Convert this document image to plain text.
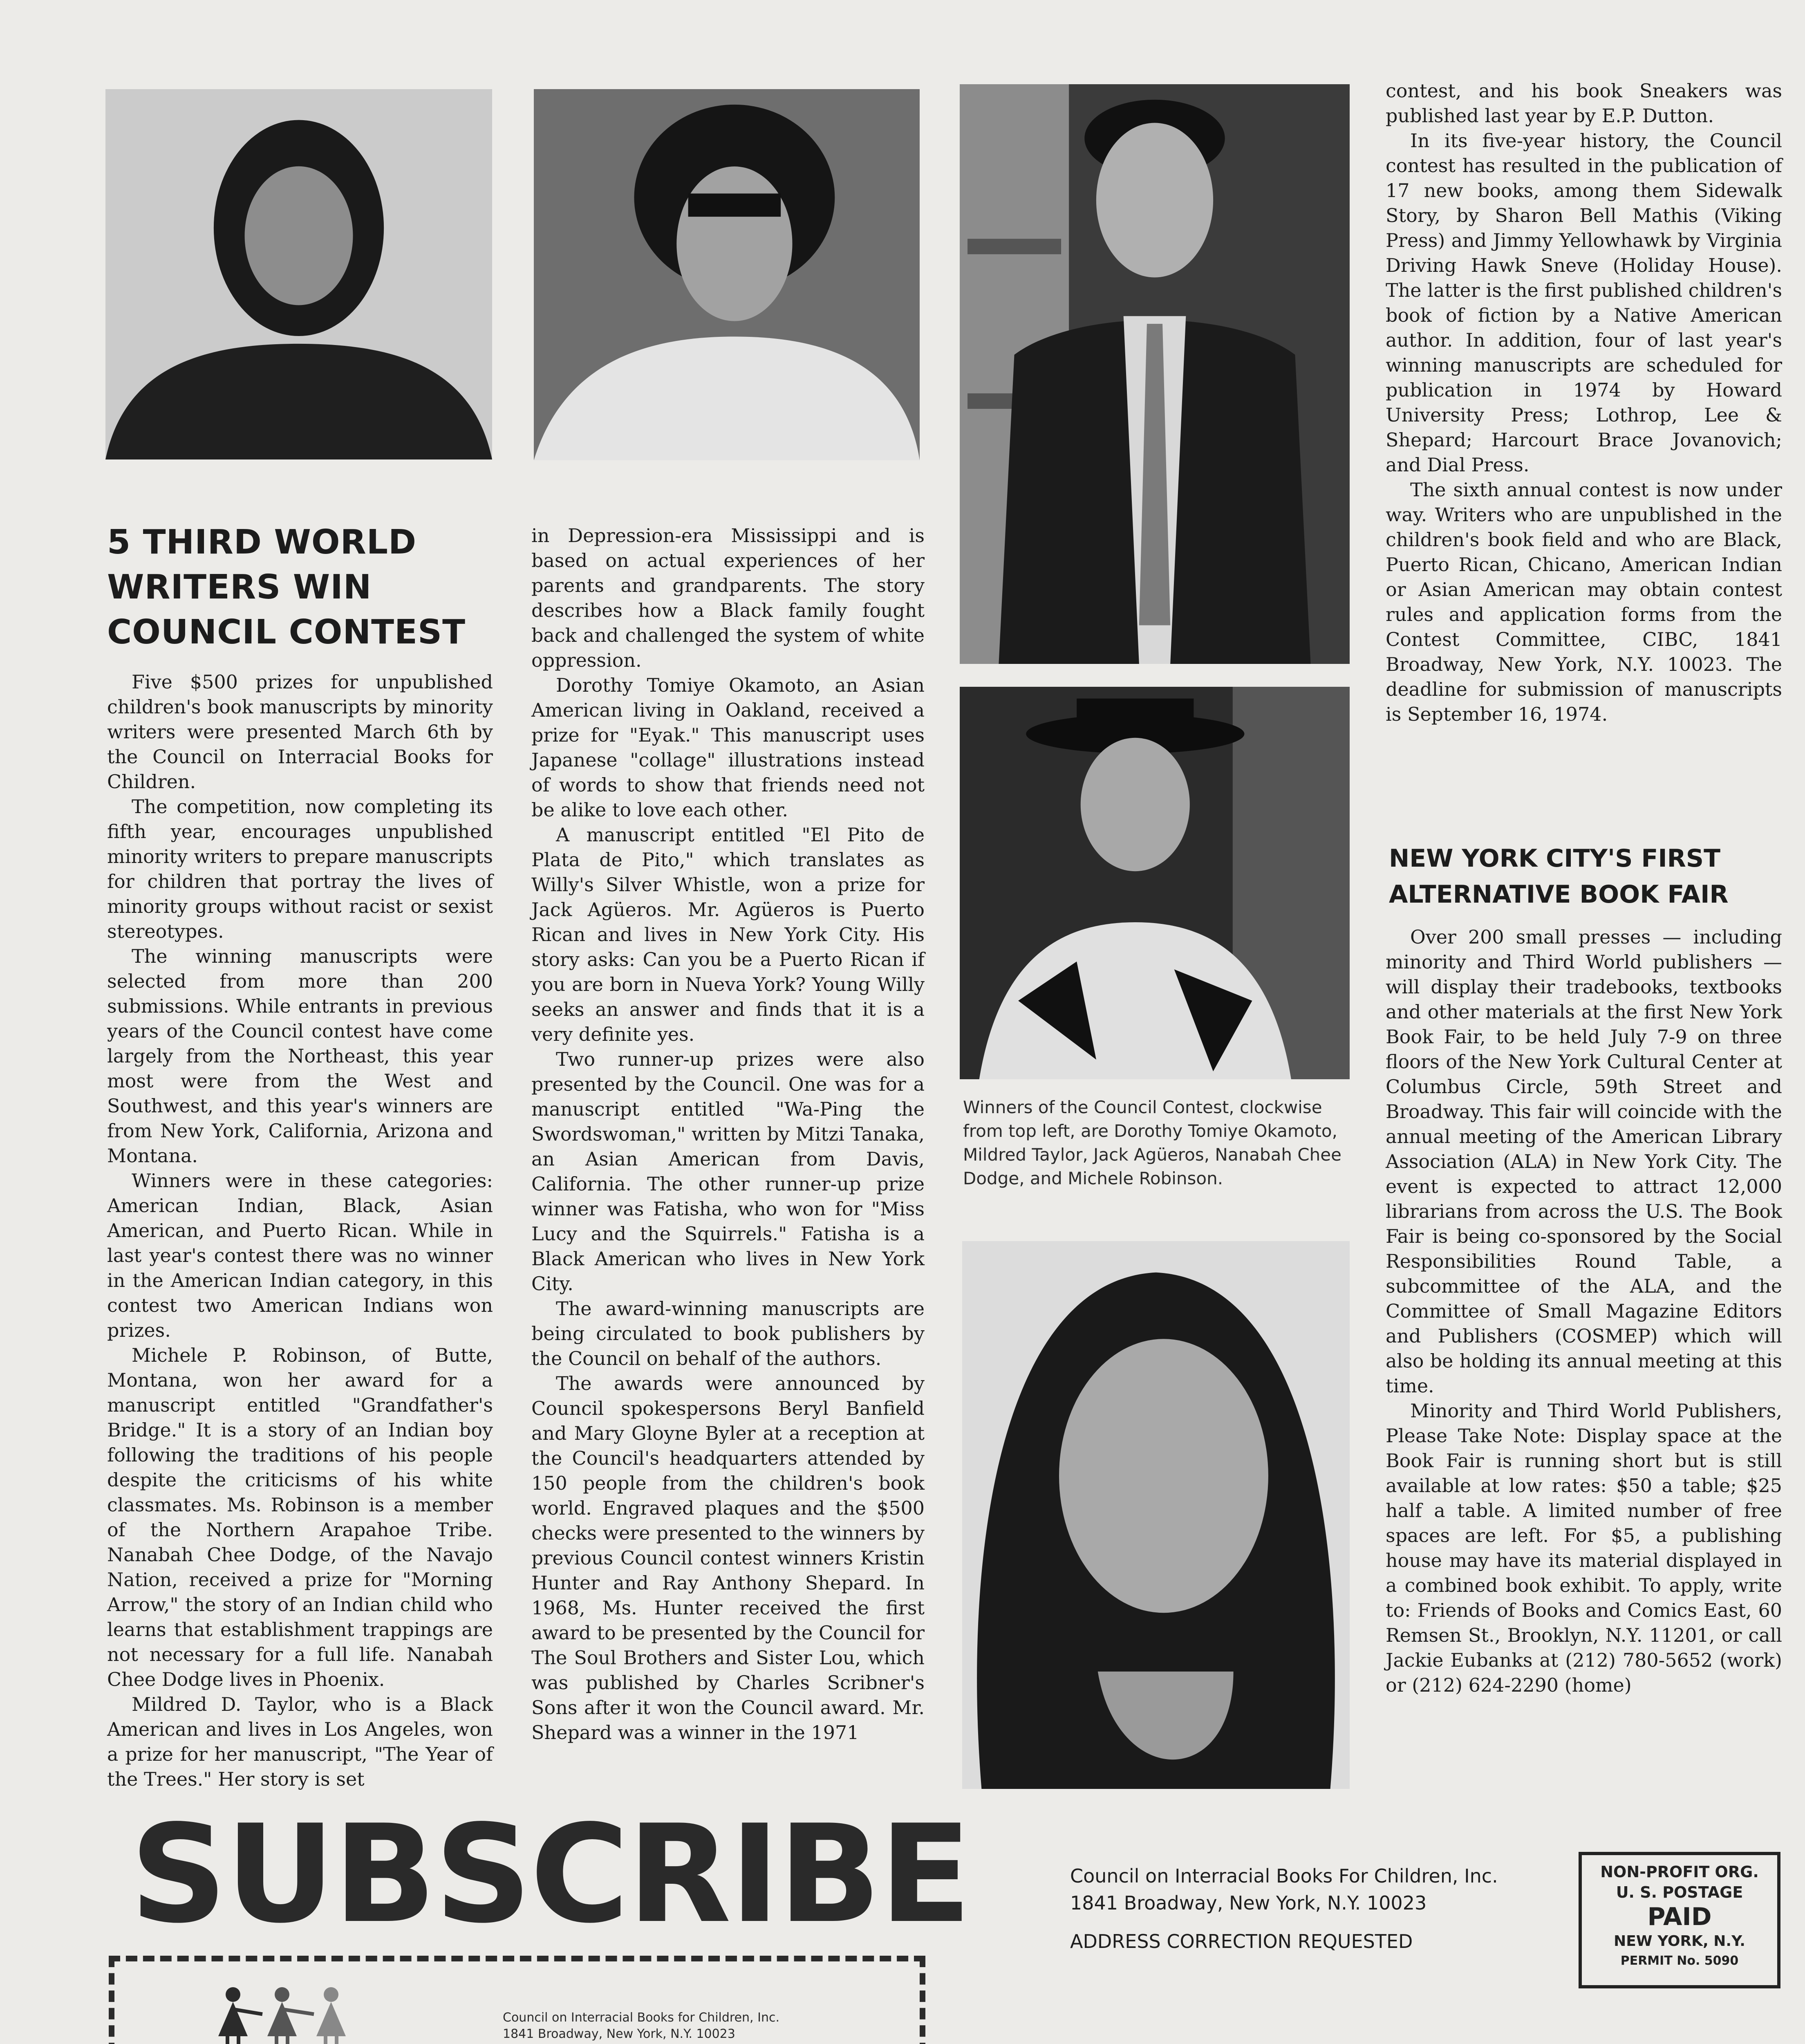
5 THIRD WORLD
WRITERS WIN
COUNCIL CONTEST

Five $500 prizes for unpublished children's book manuscripts by minority writers were presented March 6th by the Council on Interracial Books for Children.

The competition, now completing its fifth year, encourages unpublished minority writers to prepare manuscripts for children that portray the lives of minority groups without racist or sexist stereotypes.

The winning manuscripts were selected from more than 200 submissions. While entrants in previous years of the Council contest have come largely from the Northeast, this year most were from the West and Southwest, and this year's winners are from New York, California, Arizona and Montana.

Winners were in these categories: American Indian, Black, Asian American, and Puerto Rican. While in last year's contest there was no winner in the American Indian category, in this contest two American Indians won prizes.

Michele P. Robinson, of Butte, Montana, won her award for a manuscript entitled "Grandfather's Bridge." It is a story of an Indian boy following the traditions of his people despite the criticisms of his white classmates. Ms. Robinson is a member of the Northern Arapahoe Tribe. Nanabah Chee Dodge, of the Navajo Nation, received a prize for "Morning Arrow," the story of an Indian child who learns that establishment trappings are not necessary for a full life. Nanabah Chee Dodge lives in Phoenix.

Mildred D. Taylor, who is a Black American and lives in Los Angeles, won a prize for her manuscript, "The Year of the Trees." Her story is set

in Depression-era Mississippi and is based on actual experiences of her parents and grandparents. The story describes how a Black family fought back and challenged the system of white oppression.

Dorothy Tomiye Okamoto, an Asian American living in Oakland, received a prize for "Eyak." This manuscript uses Japanese "collage" illustrations instead of words to show that friends need not be alike to love each other.

A manuscript entitled "El Pito de Plata de Pito," which translates as Willy's Silver Whistle, won a prize for Jack Agüeros. Mr. Agüeros is Puerto Rican and lives in New York City. His story asks: Can you be a Puerto Rican if you are born in Nueva York? Young Willy seeks an answer and finds that it is a very definite yes.

Two runner-up prizes were also presented by the Council. One was for a manuscript entitled "Wa-Ping the Swordswoman," written by Mitzi Tanaka, an Asian American from Davis, California. The other runner-up prize winner was Fatisha, who won for "Miss Lucy and the Squirrels." Fatisha is a Black American who lives in New York City.

The award-winning manuscripts are being circulated to book publishers by the Council on behalf of the authors.

The awards were announced by Council spokespersons Beryl Banfield and Mary Gloyne Byler at a reception at the Council's headquarters attended by 150 people from the children's book world. Engraved plaques and the $500 checks were presented to the winners by previous Council contest winners Kristin Hunter and Ray Anthony Shepard. In 1968, Ms. Hunter received the first award to be presented by the Council for The Soul Brothers and Sister Lou, which was published by Charles Scribner's Sons after it won the Council award. Mr. Shepard was a winner in the 1971

Winners of the Council Contest, clockwise from top left, are Dorothy Tomiye Okamoto, Mildred Taylor, Jack Agüeros, Nanabah Chee Dodge, and Michele Robinson.

contest, and his book Sneakers was published last year by E.P. Dutton.

In its five-year history, the Council contest has resulted in the publication of 17 new books, among them Sidewalk Story, by Sharon Bell Mathis (Viking Press) and Jimmy Yellowhawk by Virginia Driving Hawk Sneve (Holiday House). The latter is the first published children's book of fiction by a Native American author. In addition, four of last year's winning manuscripts are scheduled for publication in 1974 by Howard University Press; Lothrop, Lee & Shepard; Harcourt Brace Jovanovich; and Dial Press.

The sixth annual contest is now under way. Writers who are unpublished in the children's book field and who are Black, Puerto Rican, Chicano, American Indian or Asian American may obtain contest rules and application forms from the Contest Committee, CIBC, 1841 Broadway, New York, N.Y. 10023. The deadline for submission of manuscripts is September 16, 1974.

NEW YORK CITY'S FIRST
ALTERNATIVE BOOK FAIR

Over 200 small presses — including minority and Third World publishers — will display their tradebooks, textbooks and other materials at the first New York Book Fair, to be held July 7-9 on three floors of the New York Cultural Center at Columbus Circle, 59th Street and Broadway. This fair will coincide with the annual meeting of the American Library Association (ALA) in New York City. The event is expected to attract 12,000 librarians from across the U.S. The Book Fair is being co-sponsored by the Social Responsibilities Round Table, a subcommittee of the ALA, and the Committee of Small Magazine Editors and Publishers (COSMEP) which will also be holding its annual meeting at this time.

Minority and Third World Publishers, Please Take Note: Display space at the Book Fair is running short but is still available at low rates: $50 a table; $25 half a table. A limited number of free spaces are left. For $5, a publishing house may have its material displayed in a combined book exhibit. To apply, write to: Friends of Books and Comics East, 60 Remsen St., Brooklyn, N.Y. 11201, or call Jackie Eubanks at (212) 780-5652 (work) or (212) 624-2290 (home)

SUBSCRIBE
Council on Interracial Books for Children, Inc.
1841 Broadway, New York, N.Y. 10023

Council on Interracial Books For Children, Inc.
1841 Broadway, New York, N.Y. 10023
ADDRESS CORRECTION REQUESTED
NON-PROFIT ORG.
U. S. POSTAGE
PAID
NEW YORK, N.Y.
PERMIT No. 5090
